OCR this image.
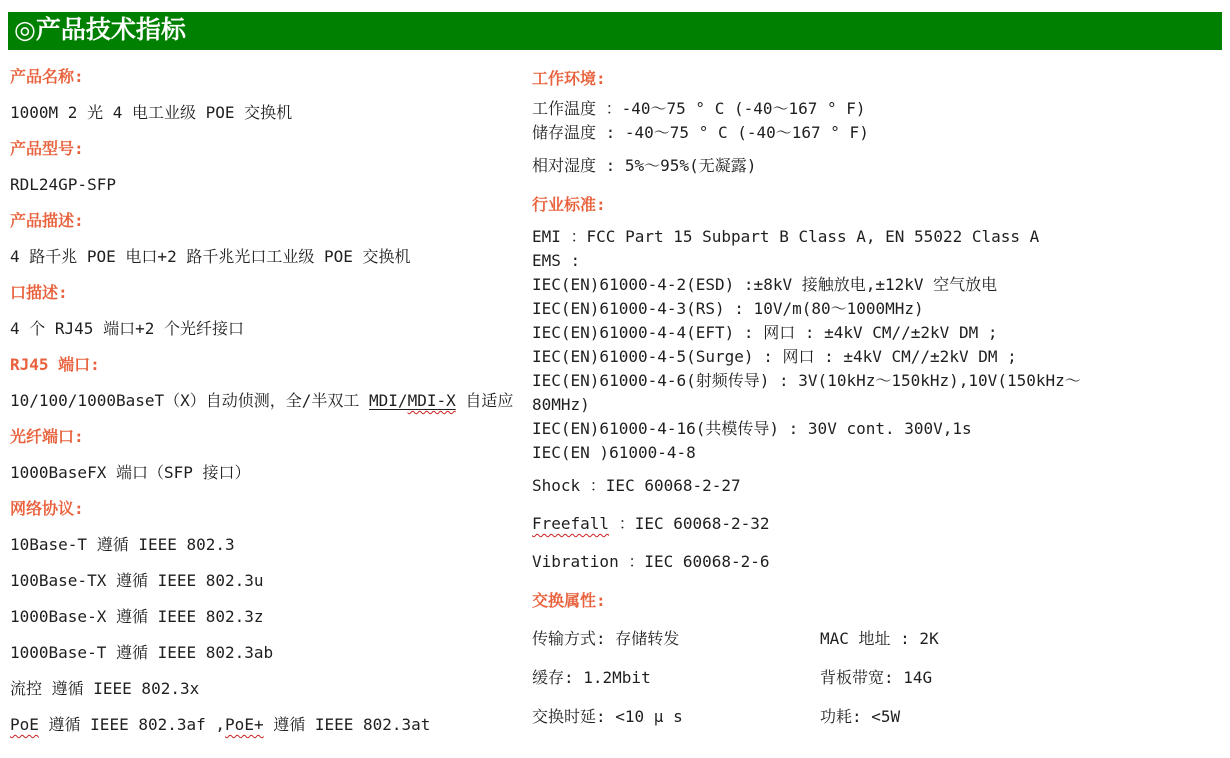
◎产品技术指标

产品名称:

1000M 2 光 4 电工业级 POE 交换机

产品型号:

RDL24GP-SFP

产品描述:

4 路千兆 POE 电口+2 路千兆光口工业级 POE 交换机

口描述:

4 个 RJ45 端口+2 个光纤接口

RJ45 端口:

10/100/1000BaseT（X）自动侦测，全/半双工 MDI/MDI-X 自适应

光纤端口:

1000BaseFX 端口（SFP 接口）

网络协议:

10Base-T 遵循 IEEE 802.3

100Base-TX 遵循 IEEE 802.3u

1000Base-X 遵循 IEEE 802.3z

1000Base-T 遵循 IEEE 802.3ab

流控 遵循 IEEE 802.3x

PoE 遵循 IEEE 802.3af ,PoE+ 遵循 IEEE 802.3at

工作环境:

工作温度 ：-40～75 ° C (-40～167 ° F)

储存温度 : -40～75 ° C (-40～167 ° F)

相对湿度 : 5%～95%(无凝露)

行业标准:

EMI ：FCC Part 15 Subpart B Class A, EN 55022 Class A

EMS :

IEC(EN)61000-4-2(ESD) :±8kV 接触放电,±12kV 空气放电

IEC(EN)61000-4-3(RS) : 10V/m(80～1000MHz)

IEC(EN)61000-4-4(EFT) : 网口 : ±4kV CM//±2kV DM ;

IEC(EN)61000-4-5(Surge) : 网口 : ±4kV CM//±2kV DM ;

IEC(EN)61000-4-6(射频传导) : 3V(10kHz～150kHz),10V(150kHz～

80MHz)

IEC(EN)61000-4-16(共模传导) : 30V cont. 300V,1s

IEC(EN )61000-4-8

Shock ：IEC 60068-2-27

Freefall ：IEC 60068-2-32

Vibration ：IEC 60068-2-6

交换属性:

传输方式: 存储转发	MAC 地址 : 2K

缓存: 1.2Mbit	背板带宽: 14G

交换时延: <10 μ s	功耗: <5W
